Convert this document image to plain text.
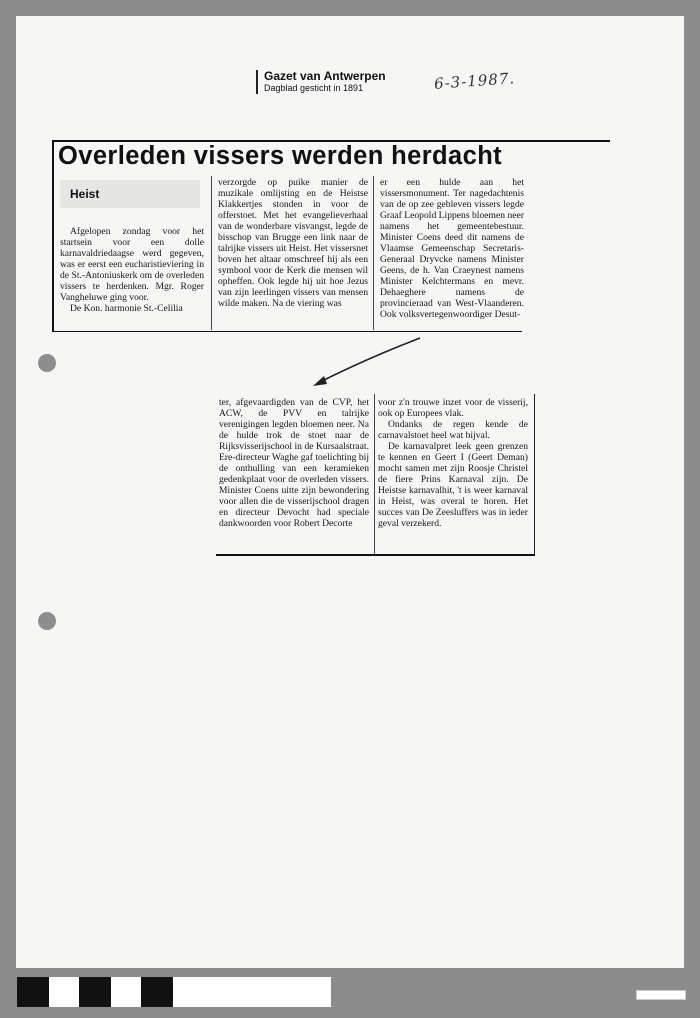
Gazet van Antwerpen
Dagblad gesticht in 1891	6-3-1987.
Overleden vissers werden herdacht
Heist

Afgelopen zondag voor het startsein voor een dolle karnavaldriedaagse werd gegeven, was er eerst een eucharistieviering in de St.-Antoniuskerk om de overleden vissers te herdenken. Mgr. Roger Vangheluwe ging voor.

De Kon. harmonie St.-Celilia

verzorgde op puike manier de muzikale omlijsting en de Heistse Klakkertjes stonden in voor de offerstoet. Met het evangelieverhaal van de wonderbare visvangst, legde de bisschop van Brugge een link naar de talrijke vissers uit Heist. Het vissersnet boven het altaar omschreef hij als een symbool voor de Kerk die mensen wil opheffen. Ook legde hij uit hoe Jezus van zijn leerlingen vissers van mensen wilde maken. Na de viering was

er een hulde aan het vissersmonument. Ter nagedachtenis van de op zee gebleven vissers legde Graaf Leopold Lippens bloemen neer namens het gemeentebestuur. Minister Coens deed dit namens de Vlaamse Gemeenschap Secretaris-Generaal Dryvcke namens Minister Geens, de h. Van Craeynest namens Minister Kelchtermans en mevr. Dehaeghere namens de provincieraad van West-Vlaanderen. Ook volksvertegenwoordiger Desut-

ter, afgevaardigden van de CVP, het ACW, de PVV en talrijke verenigingen legden bloemen neer. Na de hulde trok de stoet naar de Rijksvisserijschool in de Kursaalstraat. Ere-directeur Waghe gaf toelichting bij de onthulling van een keramieken gedenkplaat voor de overleden vissers. Minister Coens uitte zijn bewondering voor allen die de visserijschool dragen en directeur Devocht had speciale dankwoorden voor Robert Decorte

voor z'n trouwe inzet voor de visserij, ook op Europees vlak.

Ondanks de regen kende de carnavalstoet heel wat bijval.

De karnavalpret leek geen grenzen te kennen en Geert I (Geert Deman) mocht samen met zijn Roosje Christel de fiere Prins Karnaval zijn. De Heistse karnavalhit, 't is weer karnaval in Heist, was overal te horen. Het succes van De Zeesluffers was in ieder geval verzekerd.
